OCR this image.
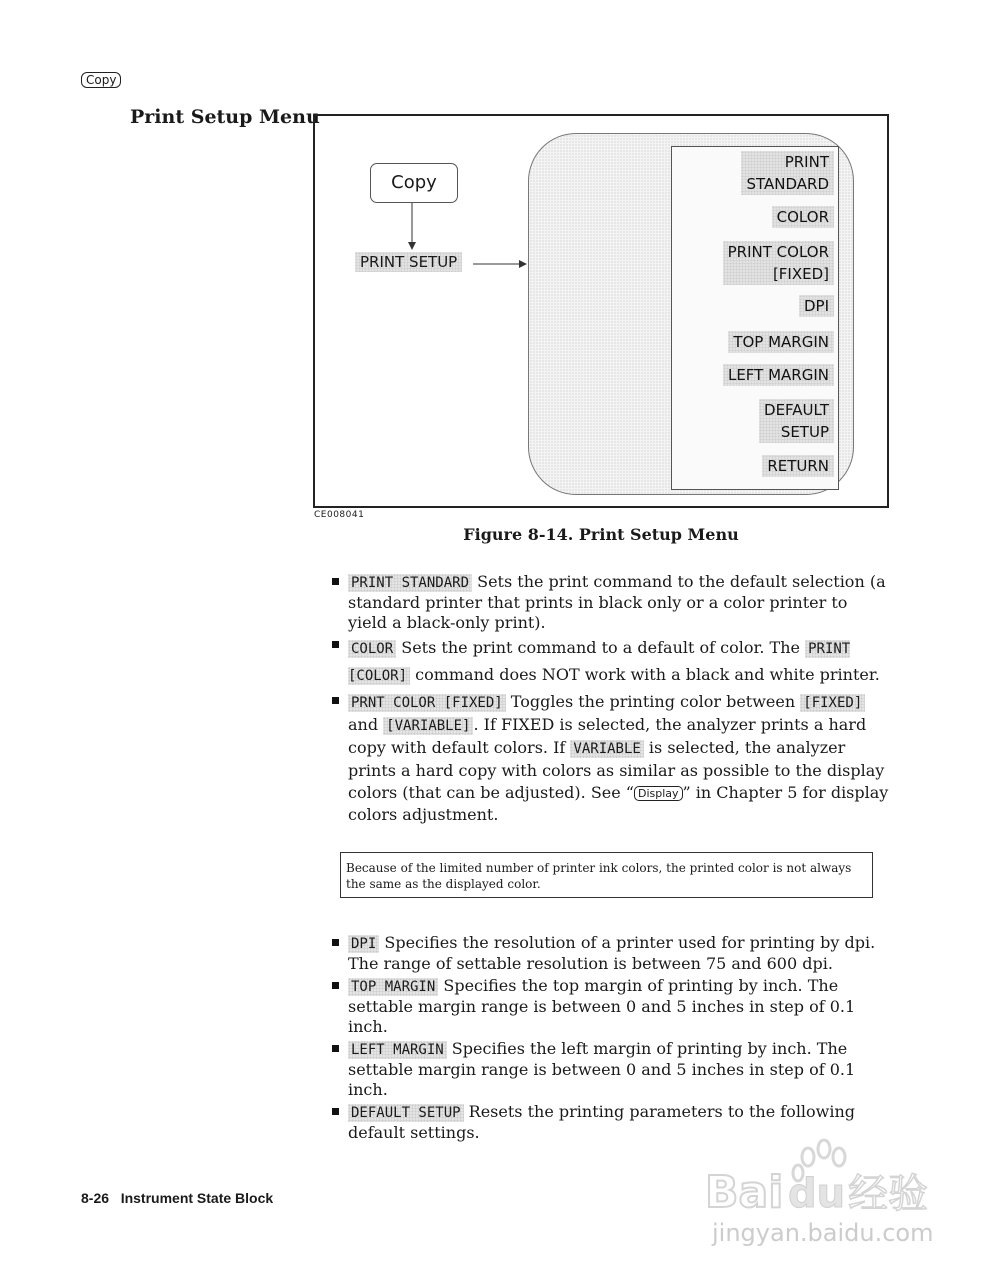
Copy
Print Setup Menu
Copy
PRINT SETUP
PRINT
STANDARD
COLOR
PRINT COLOR
[FIXED]
DPI
TOP MARGIN
LEFT MARGIN
DEFAULT
SETUP
RETURN
CE008041
Figure 8-14. Print Setup Menu
PRINT STANDARD Sets the print command to the default selection (a standard printer that prints in black only or a color printer to yield a black-only print).
COLOR Sets the print command to a default of color. The PRINT [COLOR] command does NOT work with a black and white printer.
PRNT COLOR [FIXED] Toggles the printing color between [FIXED] and [VARIABLE] . If FIXED is selected, the analyzer prints a hard copy with default colors. If VARIABLE is selected, the analyzer prints a hard copy with colors as similar as possible to the display colors (that can be adjusted). See “ Display ” in Chapter 5 for display colors adjustment.
Because of the limited number of printer ink colors, the printed color is not always the same as the displayed color.
DPI Specifies the resolution of a printer used for printing by dpi. The range of settable resolution is between 75 and 600 dpi.
TOP MARGIN Specifies the top margin of printing by inch. The settable margin range is between 0 and 5 inches in step of 0.1 inch.
LEFT MARGIN Specifies the left margin of printing by inch. The settable margin range is between 0 and 5 inches in step of 0.1 inch.
DEFAULT SETUP Resets the printing parameters to the following default settings.
8-26 Instrument State Block	Bai du 经验
jingyan.baidu.com
